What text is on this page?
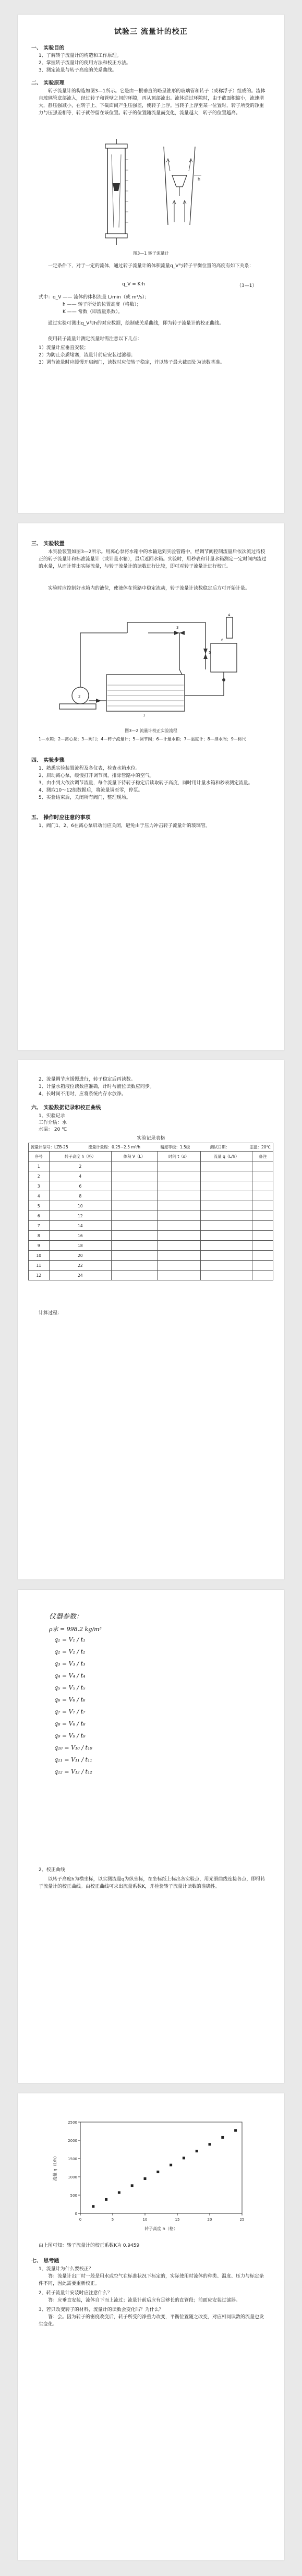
试验三 流量计的校正
一、 实验目的

1、了解转子流量计的构造和工作原理。

2、掌握转子流量计的使用方法和校正方法。

3、测定流量与转子高度的关系曲线。

二、 实验原理

转子流量计的构造如图3—1所示。它是由一根垂直的略呈锥形的玻璃管和转子（或称浮子）组成的。流体自玻璃管底部流入，经过转子和管壁之间的环隙，再从顶部流出。流体通过环隙时，由于截面积缩小，流速增大，静压强减小，在转子上、下截面间产生压强差，使转子上浮。当转子上浮至某一位置时，转子所受的净重力与压强差相等，转子就停留在该位置。转子的位置随流量而变化，流量越大，转子的位置越高。

h
图3—1 转子流量计

一定条件下，对于一定的流体，通过转子流量计的体积流量q_V与转子平衡位置的高度有如下关系：

q_V = K·h	（3—1）

式中：q_V —— 流体的体积流量 L/min（或 m³/s）；

h —— 转子所处的位置高度（格数）；

K —— 常数（即流量系数）。

通过实验可测出q_V与h的对应数据，绘制成关系曲线，即为转子流量计的校正曲线。

使用转子流量计测定流量时需注意以下几点：

1）流量计应垂直安装；

2）为防止杂质堵塞，流量计前应安装过滤器；

3）调节流量时应缓慢开启阀门，读数时应使转子稳定，并以转子最大截面处为读数基准。

三、 实验装置

本实验装置如图3—2所示。用离心泵将水箱中的水输送到实验管路中，经调节阀控制流量后依次流过待校正的转子流量计和标准流量计（或计量水箱），最后返回水箱。实验时，用秒表和计量水箱测定一定时间内流过的水量，从而计算出实际流量，与转子流量计的读数进行比较，即可对转子流量计进行校正。

实验时应控制好水箱内的液位，使液体在管路中稳定流动，转子流量计读数稳定后方可开始计量。

2
1
3
5
6
4
图3—2 流量计校正实验流程

1—水箱；2—离心泵；3—阀门；4—转子流量计；5—调节阀；6—计量水箱；7—温度计；8—排水阀；9—标尺

四、 实验步骤

1、熟悉实验装置流程及各仪表，检查水箱水位。

2、启动离心泵，缓慢打开调节阀，排除管路中的空气。

3、由小到大依次调节流量，每个流量下待转子稳定后读取转子高度，同时用计量水箱和秒表测定流量。

4、测取10～12组数据后，将流量调至零，停泵。

5、实验结束后，关闭所有阀门，整理现场。

五、 操作时应注意的事项

1、阀门1、2、6在离心泵启动前应关闭，避免由于压力冲击转子流量计的玻璃管。

2、流量调节应缓慢进行，转子稳定后再读数。

3、计量水箱液位读数应准确，计时与液位读数应同步。

4、长时间不用时，应将系统内存水放净。

六、 实验数据记录和校正曲线
1、实验记录
工作介质：水
水温： 20 ℃
实验记录表格
流量计型号：LZB-25	流量计量程：0.25~2.5 m³/h	精度等级：1.5级	测试日期：	室温：20℃
序号	转子高度 h（格）	体积 V（L）	时间 t（s）	流量 q（L/h）	备注
1	2				
2	4				
3	6				
4	8				
5	10				
6	12				
7	14				
8	16				
9	18				
10	20				
11	22				
12	24				
计算过程：
仪器参数：
ρ水 = 998.2 kg/m³
q₁ = V₁ / t₁
q₂ = V₂ / t₂
q₃ = V₃ / t₃
q₄ = V₄ / t₄
q₅ = V₅ / t₅
q₆ = V₆ / t₆
q₇ = V₇ / t₇
q₈ = V₈ / t₈
q₉ = V₉ / t₉
q₁₀ = V₁₀ / t₁₀
q₁₁ = V₁₁ / t₁₁
q₁₂ = V₁₂ / t₁₂
2、校正曲线

以转子高度h为横坐标，以实测流量q为纵坐标，在坐标纸上标出各实验点，用光滑曲线连接各点，即得转子流量计的校正曲线。由校正曲线可求出流量系数K，并检验转子流量计读数的准确性。

0	5	10	15	20	25
0
500
1000
1500
2000
2500
转子高度 h（格）
流量 q（L/h）

由上图可知：转子流量计的校正系数K为 0.9459

七、 思考题

1、流量计为什么要校正？

答：流量计出厂时一般是用水或空气在标准状况下标定的，实际使用时流体的种类、温度、压力与标定条件不同，因此需要重新校正。

2、转子流量计安装时应注意什么？

答：应垂直安装，流体自下而上流过；流量计前后应有足够长的直管段；前面应安装过滤器。

3、若只改变转子的材料，流量计的读数会变化吗？为什么？

答：会。因为转子的密度改变后，转子所受的净重力改变，平衡位置随之改变，对应相同读数的流量也发生变化。
